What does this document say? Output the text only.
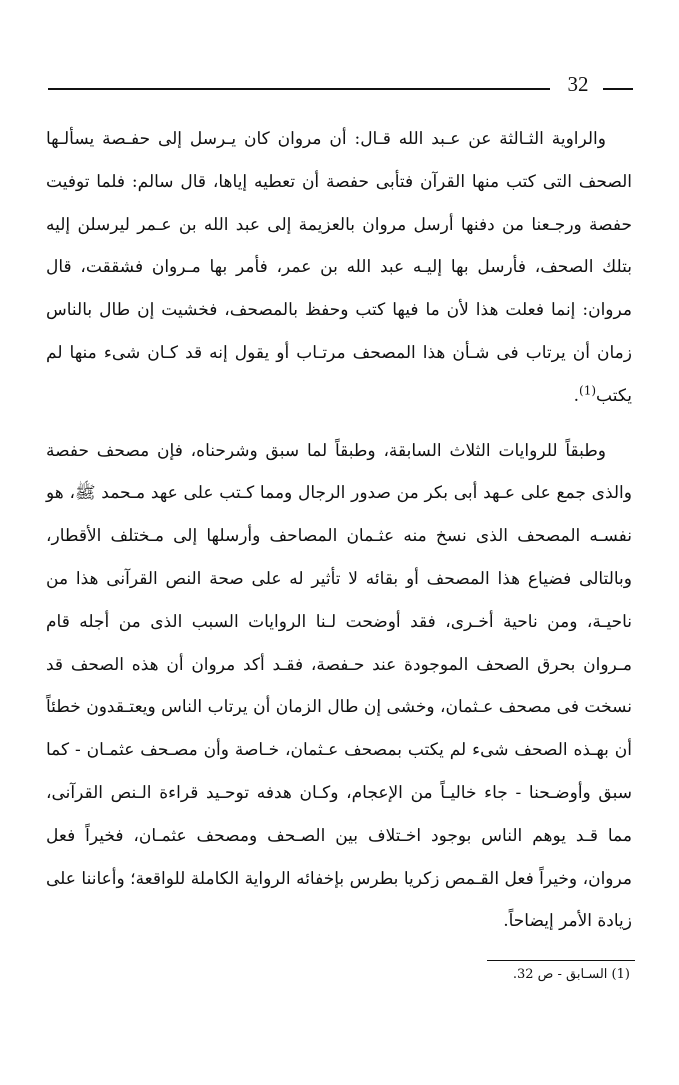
32

والراوية الثـالثة عن عـبد الله قـال: أن مروان كان يـرسل إلى حفـصة يسألـها الصحف التى كتب منها القرآن فتأبى حفصة أن تعطيه إياها، قال سالم: فلما توفيت حفصة ورجـعنا من دفنها أرسل مروان بالعزيمة إلى عبد الله بن عـمر ليرسلن إليه بتلك الصحف، فأرسل بها إليـه عبد الله بن عمر، فأمر بها مـروان فشققت، قال مروان: إنما فعلت هذا لأن ما فيها كتب وحفظ بالمصحف، فخشيت إن طال بالناس زمان أن يرتاب فى شـأن هذا المصحف مرتـاب أو يقول إنه قد كـان شىء منها لم يكتب$^{(1)}$.

وطبقاً للروايات الثلاث السابقة، وطبقاً لما سبق وشرحناه، فإن مصحف حفصة والذى جمع على عـهد أبى بكر من صدور الرجال ومما كـتب على عهد مـحمد ﷺ، هو نفسـه المصحف الذى نسخ منه عثـمان المصاحف وأرسلها إلى مـختلف الأقطار، وبالتالى فضياع هذا المصحف أو بقائه لا تأثير له على صحة النص القرآنى هذا من ناحيـة، ومن ناحية أخـرى، فقد أوضحت لـنا الروايات السبب الذى من أجله قام مـروان بحرق الصحف الموجودة عند حـفصة، فقـد أكد مروان أن هذه الصحف قد نسخت فى مصحف عـثمان، وخشى إن طال الزمان أن يرتاب الناس ويعتـقدون خطئاً أن بهـذه الصحف شىء لم يكتب بمصحف عـثمان، خـاصة وأن مصـحف عثمـان - كما سبق وأوضـحنا - جاء خاليـاً من الإعجام، وكـان هدفه توحـيد قراءة الـنص القرآنى، مما قـد يوهم الناس بوجود اخـتلاف بين الصـحف ومصحف عثمـان، فخيراً فعل مروان، وخيراً فعل القـمص زكريا بطرس بإخفائه الرواية الكاملة للواقعة؛ وأعاننا على زيادة الأمر إيضاحاً.

(1) السـابق - ص 32.
